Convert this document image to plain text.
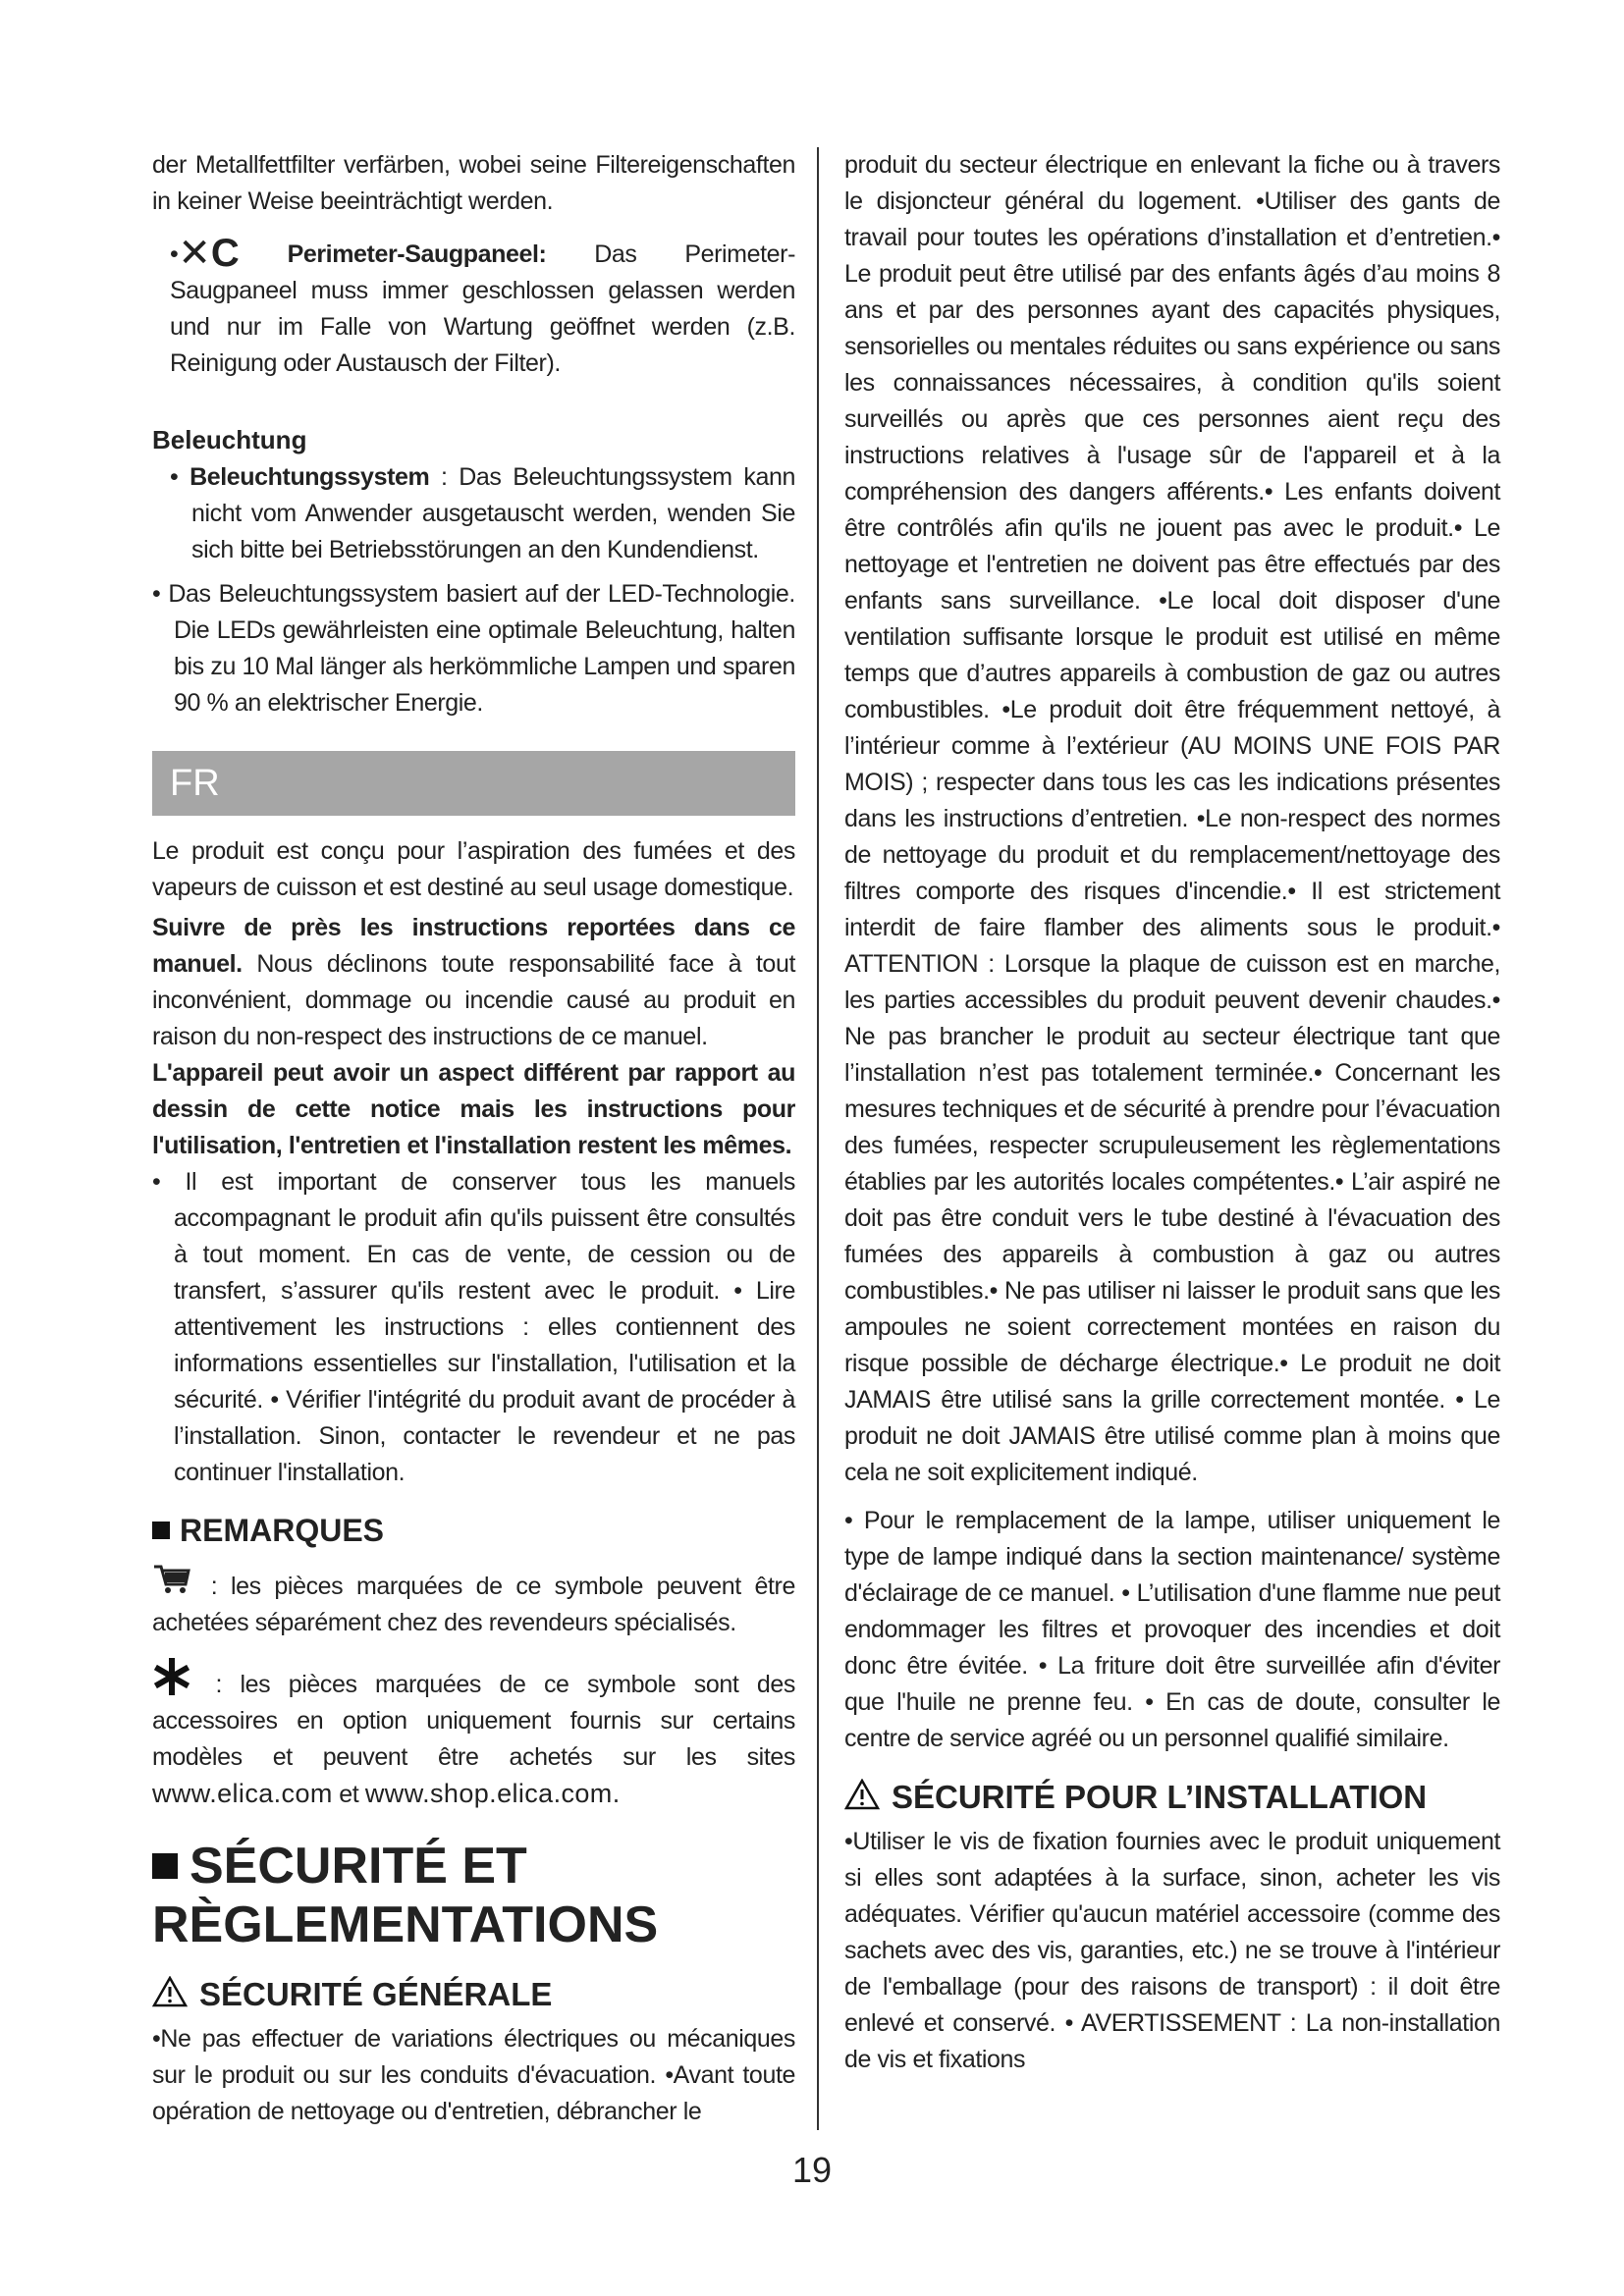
der Metallfettfilter verfärben, wobei seine Filtereigenschaften in keiner Weise beeinträchtigt werden.

•✕C Perimeter-Saugpaneel: Das Perimeter-Saugpaneel muss immer geschlossen gelassen werden und nur im Falle von Wartung geöffnet werden (z.B. Reinigung oder Austausch der Filter).

Beleuchtung

• Beleuchtungssystem : Das Beleuchtungssystem kann nicht vom Anwender ausgetauscht werden, wenden Sie sich bitte bei Betriebsstörungen an den Kundendienst.

• Das Beleuchtungssystem basiert auf der LED-Technologie. Die LEDs gewährleisten eine optimale Beleuchtung, halten bis zu 10 Mal länger als herkömmliche Lampen und sparen 90 % an elektrischer Energie.

FR

Le produit est conçu pour l’aspiration des fumées et des vapeurs de cuisson et est destiné au seul usage domestique.

Suivre de près les instructions reportées dans ce manuel. Nous déclinons toute responsabilité face à tout inconvénient, dommage ou incendie causé au produit en raison du non-respect des instructions de ce manuel.

L'appareil peut avoir un aspect différent par rapport au dessin de cette notice mais les instructions pour l'utilisation, l'entretien et l'installation restent les mêmes.

• Il est important de conserver tous les manuels accompagnant le produit afin qu'ils puissent être consultés à tout moment. En cas de vente, de cession ou de transfert, s’assurer qu'ils restent avec le produit. • Lire attentivement les instructions : elles contiennent des informations essentielles sur l'installation, l'utilisation et la sécurité. • Vérifier l'intégrité du produit avant de procéder à l’installation. Sinon, contacter le revendeur et ne pas continuer l'installation.

REMARQUES

: les pièces marquées de ce symbole peuvent être achetées séparément chez des revendeurs spécialisés.

: les pièces marquées de ce symbole sont des accessoires en option uniquement fournis sur certains modèles et peuvent être achetés sur les sites www.elica.com et www.shop.elica.com.

SÉCURITÉ ET RÈGLEMENTATIONS
SÉCURITÉ GÉNÉRALE

•Ne pas effectuer de variations électriques ou mécaniques sur le produit ou sur les conduits d'évacuation. •Avant toute opération de nettoyage ou d'entretien, débrancher le

produit du secteur électrique en enlevant la fiche ou à travers le disjoncteur général du logement. •Utiliser des gants de travail pour toutes les opérations d’installation et d’entretien.• Le produit peut être utilisé par des enfants âgés d’au moins 8 ans et par des personnes ayant des capacités physiques, sensorielles ou mentales réduites ou sans expérience ou sans les connaissances nécessaires, à condition qu'ils soient surveillés ou après que ces personnes aient reçu des instructions relatives à l'usage sûr de l'appareil et à la compréhension des dangers afférents.• Les enfants doivent être contrôlés afin qu'ils ne jouent pas avec le produit.• Le nettoyage et l'entretien ne doivent pas être effectués par des enfants sans surveillance. •Le local doit disposer d'une ventilation suffisante lorsque le produit est utilisé en même temps que d’autres appareils à combustion de gaz ou autres combustibles. •Le produit doit être fréquemment nettoyé, à l’intérieur comme à l’extérieur (AU MOINS UNE FOIS PAR MOIS) ; respecter dans tous les cas les indications présentes dans les instructions d’entretien. •Le non-respect des normes de nettoyage du produit et du remplacement/nettoyage des filtres comporte des risques d'incendie.• Il est strictement interdit de faire flamber des aliments sous le produit.• ATTENTION : Lorsque la plaque de cuisson est en marche, les parties accessibles du produit peuvent devenir chaudes.• Ne pas brancher le produit au secteur électrique tant que l’installation n’est pas totalement terminée.• Concernant les mesures techniques et de sécurité à prendre pour l’évacuation des fumées, respecter scrupuleusement les règlementations établies par les autorités locales compétentes.• L’air aspiré ne doit pas être conduit vers le tube destiné à l'évacuation des fumées des appareils à combustion à gaz ou autres combustibles.• Ne pas utiliser ni laisser le produit sans que les ampoules ne soient correctement montées en raison du risque possible de décharge électrique.• Le produit ne doit JAMAIS être utilisé sans la grille correctement montée. • Le produit ne doit JAMAIS être utilisé comme plan à moins que cela ne soit explicitement indiqué.

• Pour le remplacement de la lampe, utiliser uniquement le type de lampe indiqué dans la section maintenance/ système d'éclairage de ce manuel. • L’utilisation d'une flamme nue peut endommager les filtres et provoquer des incendies et doit donc être évitée. • La friture doit être surveillée afin d'éviter que l'huile ne prenne feu. • En cas de doute, consulter le centre de service agréé ou un personnel qualifié similaire.

SÉCURITÉ POUR L’INSTALLATION

•Utiliser le vis de fixation fournies avec le produit uniquement si elles sont adaptées à la surface, sinon, acheter les vis adéquates. Vérifier qu'aucun matériel accessoire (comme des sachets avec des vis, garanties, etc.) ne se trouve à l'intérieur de l'emballage (pour des raisons de transport) : il doit être enlevé et conservé. • AVERTISSEMENT : La non-installation de vis et fixations

19
